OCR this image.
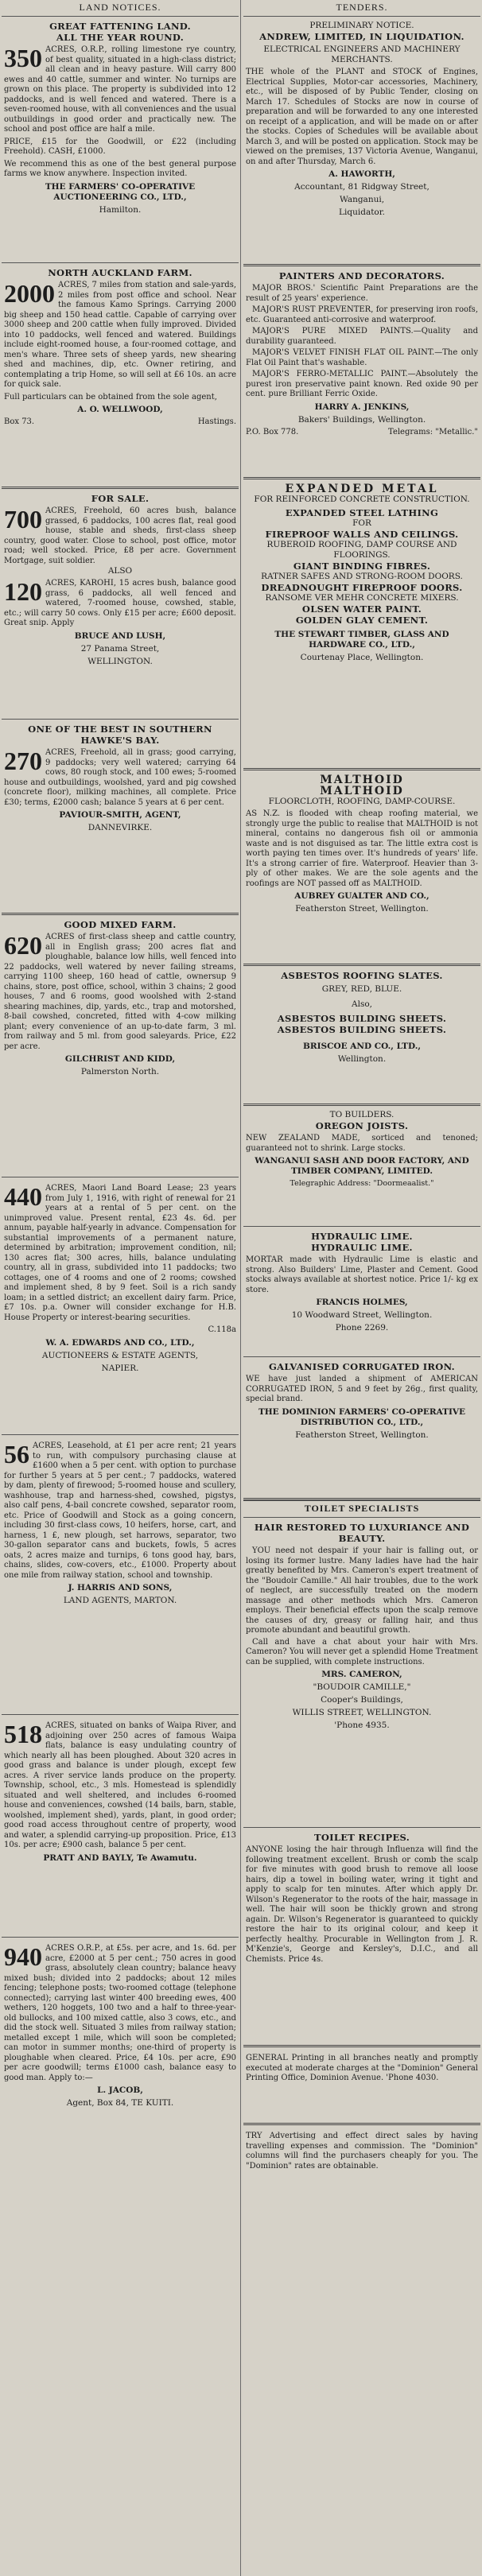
LAND NOTICES.
GREAT FATTENING LAND.
ALL THE YEAR ROUND.
350 ACRES, O.R.P., rolling limestone rye country, of best quality, situated in a high-class district; all clean and in heavy pasture. Will carry 800 ewes and 40 cattle, summer and winter. No turnips are grown on this place. The property is subdivided into 12 paddocks, and is well fenced and watered. There is a seven-roomed house, with all conveniences and the usual outbuildings in good order and practically new. The school and post office are half a mile.
PRICE, £15 for the Goodwill, or £22 (including Freehold). CASH, £1000.
We recommend this as one of the best general purpose farms we know anywhere. Inspection invited.
THE FARMERS' CO-OPERATIVE AUCTIONEERING CO., LTD.,
Hamilton.
NORTH AUCKLAND FARM.
2000 ACRES, 7 miles from station and sale-yards, 2 miles from post office and school. Near the famous Kamo Springs. Carrying 2000 big sheep and 150 head cattle. Capable of carrying over 3000 sheep and 200 cattle when fully improved. Divided into 10 paddocks, well fenced and watered. Buildings include eight-roomed house, a four-roomed cottage, and men's whare. Three sets of sheep yards, new shearing shed and machines, dip, etc. Owner retiring, and contemplating a trip Home, so will sell at £6 10s. an acre for quick sale.
Full particulars can be obtained from the sole agent,
A. O. WELLWOOD,
Box 73.	Hastings.
FOR SALE.
700 ACRES, Freehold, 60 acres bush, balance grassed, 6 paddocks, 100 acres flat, real good house, stable and sheds, first-class sheep country, good water. Close to school, post office, motor road; well stocked. Price, £8 per acre. Government Mortgage, suit soldier.
ALSO
120 ACRES, KAROHI, 15 acres bush, balance good grass, 6 paddocks, all well fenced and watered, 7-roomed house, cowshed, stable, etc.; will carry 50 cows. Only £15 per acre; £600 deposit. Great snip. Apply
BRUCE AND LUSH,
27 Panama Street,
WELLINGTON.
ONE OF THE BEST IN SOUTHERN
HAWKE'S BAY.
270 ACRES, Freehold, all in grass; good carrying, 9 paddocks; very well watered; carrying 64 cows, 80 rough stock, and 100 ewes; 5-roomed house and outbuildings, woolshed, yard and pig cowshed (concrete floor), milking machines, all complete. Price £30; terms, £2000 cash; balance 5 years at 6 per cent.
PAVIOUR-SMITH, AGENT,
DANNEVIRKE.
GOOD MIXED FARM.
620 ACRES of first-class sheep and cattle country, all in English grass; 200 acres flat and ploughable, balance low hills, well fenced into 22 paddocks, well watered by never failing streams, carrying 1100 sheep, 160 head of cattle, ownersup 9 chains, store, post office, school, within 3 chains; 2 good houses, 7 and 6 rooms, good woolshed with 2-stand shearing machines, dip, yards, etc., trap and motorshed, 8-bail cowshed, concreted, fitted with 4-cow milking plant; every convenience of an up-to-date farm, 3 ml. from railway and 5 ml. from good saleyards. Price, £22 per acre.
GILCHRIST AND KIDD,
Palmerston North.
440 ACRES, Maori Land Board Lease; 23 years from July 1, 1916, with right of renewal for 21 years at a rental of 5 per cent. on the unimproved value. Present rental, £23 4s. 6d. per annum, payable half-yearly in advance. Compensation for substantial improvements of a permanent nature, determined by arbitration; improvement condition, nil; 130 acres flat; 300 acres, hills, balance undulating country, all in grass, subdivided into 11 paddocks; two cottages, one of 4 rooms and one of 2 rooms; cowshed and implement shed, 8 by 9 feet. Soil is a rich sandy loam; in a settled district; an excellent dairy farm. Price, £7 10s. p.a. Owner will consider exchange for H.B. House Property or interest-bearing securities.
C.118a
W. A. EDWARDS AND CO., LTD.,
AUCTIONEERS & ESTATE AGENTS,
NAPIER.
56 ACRES, Leasehold, at £1 per acre rent; 21 years to run, with compulsory purchasing clause at £1600 when a 5 per cent. with option to purchase for further 5 years at 5 per cent.; 7 paddocks, watered by dam, plenty of firewood; 5-roomed house and scullery, washhouse, trap and harness-shed, cowshed, pigstys, also calf pens, 4-bail concrete cowshed, separator room, etc. Price of Goodwill and Stock as a going concern, including 30 first-class cows, 10 heifers, horse, cart, and harness, 1 £, new plough, set harrows, separator, two 30-gallon separator cans and buckets, fowls, 5 acres oats, 2 acres maize and turnips, 6 tons good hay, bars, chains, slides, cow-covers, etc., £1000. Property about one mile from railway station, school and township.
J. HARRIS AND SONS,
LAND AGENTS, MARTON.
518 ACRES, situated on banks of Waipa River, and adjoining over 250 acres of famous Waipa flats, balance is easy undulating country of which nearly all has been ploughed. About 320 acres in good grass and balance is under plough, except few acres. A river service lands produce on the property. Township, school, etc., 3 mls. Homestead is splendidly situated and well sheltered, and includes 6-roomed house and conveniences, cowshed (14 bails, barn, stable, woolshed, implement shed), yards, plant, in good order; good road access throughout centre of property, wood and water, a splendid carrying-up proposition. Price, £13 10s. per acre; £900 cash, balance 5 per cent.
PRATT AND BAYLY, Te Awamutu.
940 ACRES O.R.P., at £5s. per acre, and 1s. 6d. per acre, £2000 at 5 per cent.; 750 acres in good grass, absolutely clean country; balance heavy mixed bush; divided into 2 paddocks; about 12 miles fencing; telephone posts; two-roomed cottage (telephone connected); carrying last winter 400 breeding ewes, 400 wethers, 120 hoggets, 100 two and a half to three-year-old bullocks, and 100 mixed cattle, also 3 cows, etc., and did the stock well. Situated 3 miles from railway station; metalled except 1 mile, which will soon be completed; can motor in summer months; one-third of property is ploughable when cleared. Price, £4 10s. per acre, £90 per acre goodwill; terms £1000 cash, balance easy to good man. Apply to:—
L. JACOB,
Agent, Box 84, TE KUITI.
TENDERS.
PRELIMINARY NOTICE.
ANDREW, LIMITED, IN LIQUIDATION.
ELECTRICAL ENGINEERS AND MACHINERY MERCHANTS.
THE whole of the PLANT and STOCK of Engines, Electrical Supplies, Motor-car accessories, Machinery, etc., will be disposed of by Public Tender, closing on March 17. Schedules of Stocks are now in course of preparation and will be forwarded to any one interested on receipt of a application, and will be made on or after the stocks. Copies of Schedules will be available about March 3, and will be posted on application. Stock may be viewed on the premises, 137 Victoria Avenue, Wanganui, on and after Thursday, March 6.
A. HAWORTH,
Accountant, 81 Ridgway Street,
Wanganui,
Liquidator.
PAINTERS AND DECORATORS.

MAJOR BROS.' Scientific Paint Preparations are the result of 25 years' experience.

MAJOR'S RUST PREVENTER, for preserving iron roofs, etc. Guaranteed anti-corrosive and waterproof.

MAJOR'S PURE MIXED PAINTS.—Quality and durability guaranteed.

MAJOR'S VELVET FINISH FLAT OIL PAINT.—The only Flat Oil Paint that's washable.

MAJOR'S FERRO-METALLIC PAINT.—Absolutely the purest iron preservative paint known. Red oxide 90 per cent. pure Brilliant Ferric Oxide.

HARRY A. JENKINS,
Bakers' Buildings, Wellington.
P.O. Box 778.	Telegrams: "Metallic."
EXPANDED METAL
FOR REINFORCED CONCRETE CONSTRUCTION.
EXPANDED STEEL LATHING
FOR
FIREPROOF WALLS AND CEILINGS.
RUBEROID ROOFING, DAMP COURSE AND FLOORINGS.
GIANT BINDING FIBRES.
RATNER SAFES AND STRONG-ROOM DOORS.
DREADNOUGHT FIREPROOF DOORS.
RANSOME VER MEHR CONCRETE MIXERS.
OLSEN WATER PAINT.
GOLDEN GLAY CEMENT.
THE STEWART TIMBER, GLASS AND HARDWARE CO., LTD.,
Courtenay Place, Wellington.
MALTHOID
MALTHOID
FLOORCLOTH, ROOFING, DAMP-COURSE.
AS N.Z. is flooded with cheap roofing material, we strongly urge the public to realise that MALTHOID is not mineral, contains no dangerous fish oil or ammonia waste and is not disguised as tar. The little extra cost is worth paying ten times over. It's hundreds of years' life. It's a strong carrier of fire. Waterproof. Heavier than 3-ply of other makes. We are the sole agents and the roofings are NOT passed off as MALTHOID.
AUBREY GUALTER AND CO.,
Featherston Street, Wellington.
ASBESTOS ROOFING SLATES.
GREY, RED, BLUE.
Also,
ASBESTOS BUILDING SHEETS.
ASBESTOS BUILDING SHEETS.
BRISCOE AND CO., LTD.,
Wellington.
TO BUILDERS.
OREGON JOISTS.
NEW ZEALAND MADE, sorticed and tenoned; guaranteed not to shrink. Large stocks.
WANGANUI SASH AND DOOR FACTORY, AND TIMBER COMPANY, LIMITED.
Telegraphic Address: "Doormeaalist."
HYDRAULIC LIME.
HYDRAULIC LIME.
MORTAR made with Hydraulic Lime is elastic and strong. Also Builders' Lime, Plaster and Cement. Good stocks always available at shortest notice. Price 1/- kg ex store.
FRANCIS HOLMES,
10 Woodward Street, Wellington.
Phone 2269.
GALVANISED CORRUGATED IRON.
WE have just landed a shipment of AMERICAN CORRUGATED IRON, 5 and 9 feet by 26g., first quality, special brand.
THE DOMINION FARMERS' CO-OPERATIVE DISTRIBUTION CO., LTD.,
Featherston Street, Wellington.
TOILET SPECIALISTS
HAIR RESTORED TO LUXURIANCE AND BEAUTY.

YOU need not despair if your hair is falling out, or losing its former lustre. Many ladies have had the hair greatly benefited by Mrs. Cameron's expert treatment of the "Boudoir Camille." All hair troubles, due to the work of neglect, are successfully treated on the modern massage and other methods which Mrs. Cameron employs. Their beneficial effects upon the scalp remove the causes of dry, greasy or falling hair, and thus promote abundant and beautiful growth.

Call and have a chat about your hair with Mrs. Cameron? You will never get a splendid Home Treatment can be supplied, with complete instructions.

MRS. CAMERON,
"BOUDOIR CAMILLE,"
Cooper's Buildings,
WILLIS STREET, WELLINGTON.
'Phone 4935.
TOILET RECIPES.
ANYONE losing the hair through Influenza will find the following treatment excellent. Brush or comb the scalp for five minutes with good brush to remove all loose hairs, dip a towel in boiling water, wring it tight and apply to scalp for ten minutes. After which apply Dr. Wilson's Regenerator to the roots of the hair, massage in well. The hair will soon be thickly grown and strong again. Dr. Wilson's Regenerator is guaranteed to quickly restore the hair to its original colour, and keep it perfectly healthy. Procurable in Wellington from J. R. M'Kenzie's, George and Kersley's, D.I.C., and all Chemists. Price 4s.
GENERAL Printing in all branches neatly and promptly executed at moderate charges at the "Dominion" General Printing Office, Dominion Avenue. 'Phone 4030.
TRY Advertising and effect direct sales by having travelling expenses and commission. The "Dominion" columns will find the purchasers cheaply for you. The "Dominion" rates are obtainable.
